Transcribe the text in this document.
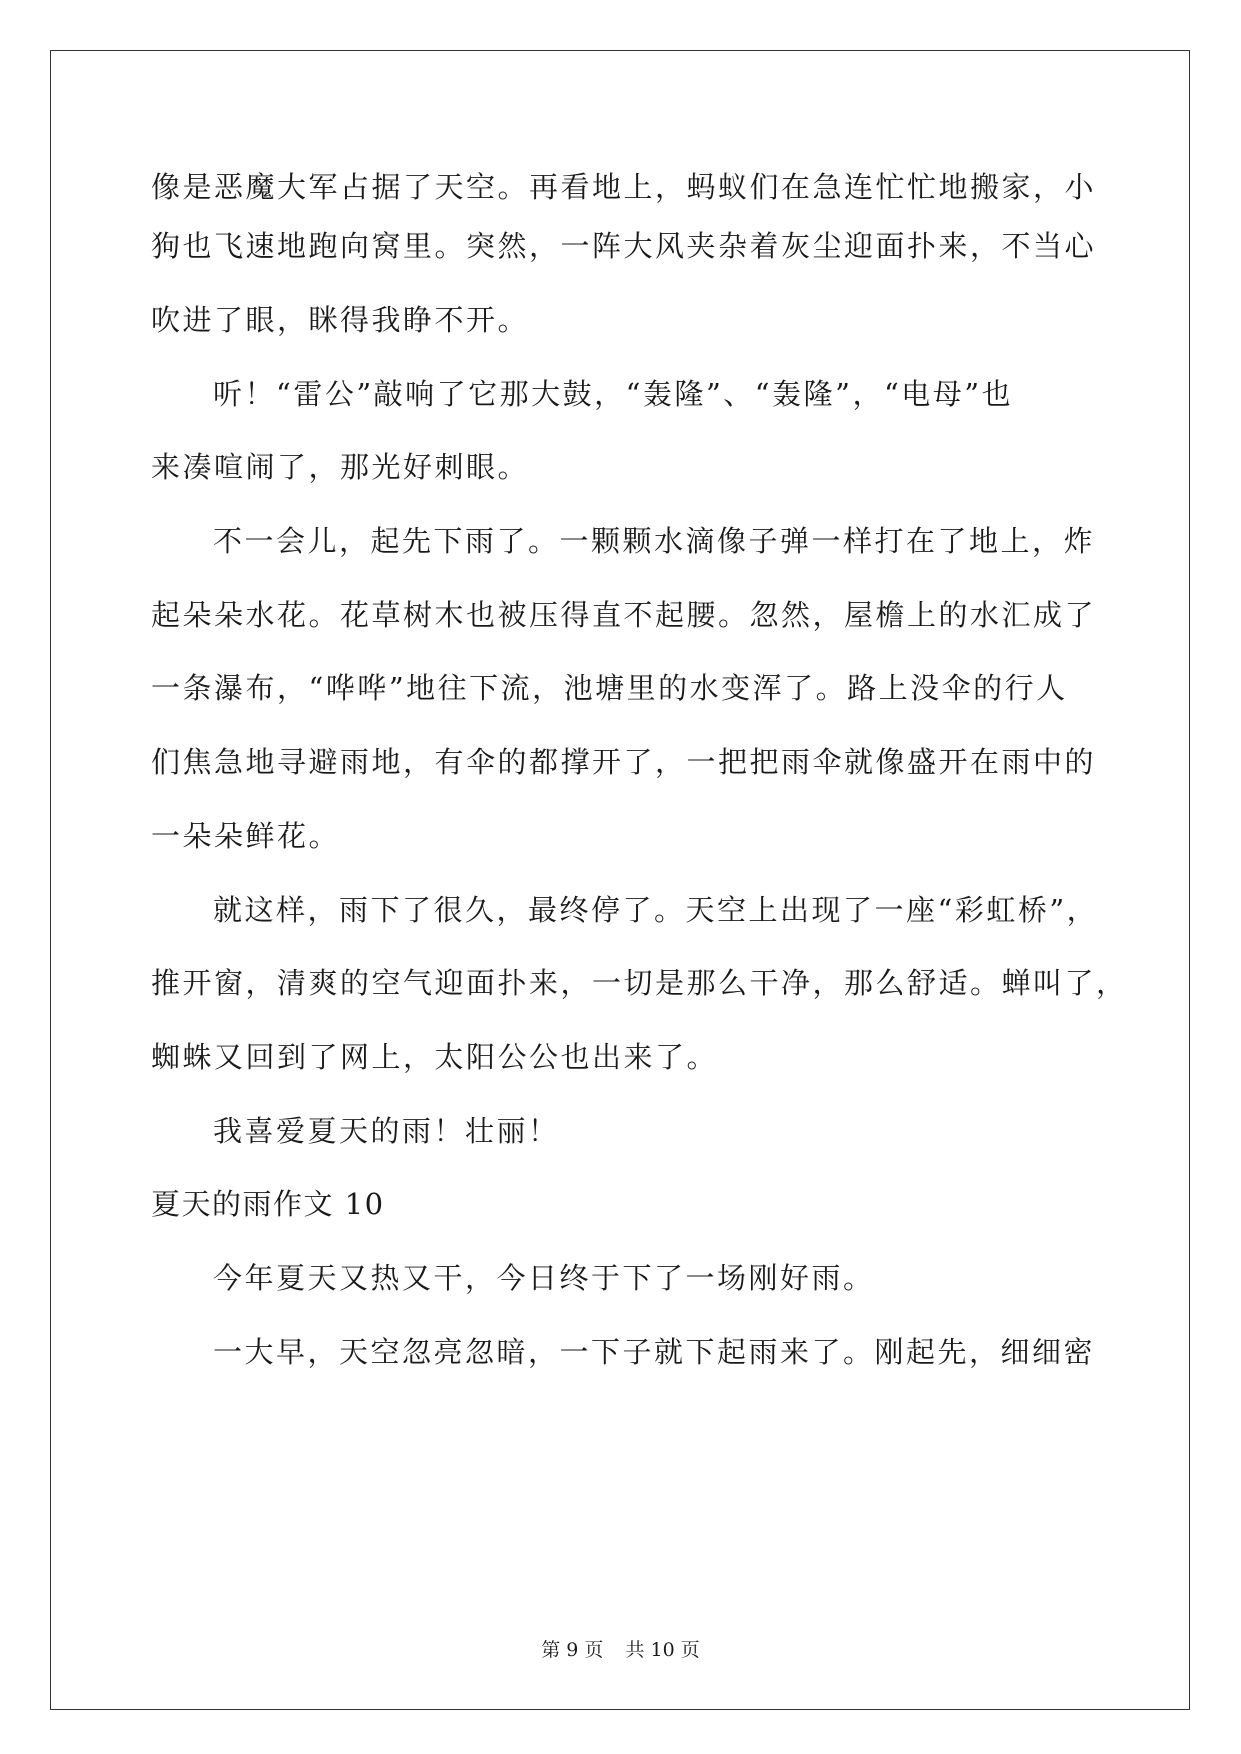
像是恶魔大军占据了天空。再看地上，蚂蚁们在急连忙忙地搬家，小
狗也飞速地跑向窝里。突然，一阵大风夹杂着灰尘迎面扑来，不当心
吹进了眼，眯得我睁不开。
听！“雷公”敲响了它那大鼓，“轰隆”、“轰隆”，“电母”也
来凑喧闹了，那光好刺眼。
不一会儿，起先下雨了。一颗颗水滴像子弹一样打在了地上，炸
起朵朵水花。花草树木也被压得直不起腰。忽然，屋檐上的水汇成了
一条瀑布，“哗哗”地往下流，池塘里的水变浑了。路上没伞的行人
们焦急地寻避雨地，有伞的都撑开了，一把把雨伞就像盛开在雨中的
一朵朵鲜花。
就这样，雨下了很久，最终停了。天空上出现了一座“彩虹桥”，
推开窗，清爽的空气迎面扑来，一切是那么干净，那么舒适。蝉叫了，
蜘蛛又回到了网上，太阳公公也出来了。
我喜爱夏天的雨！壮丽！
夏天的雨作文 10
今年夏天又热又干，今日终于下了一场刚好雨。
一大早，天空忽亮忽暗，一下子就下起雨来了。刚起先，细细密
第 9 页 共 10 页
